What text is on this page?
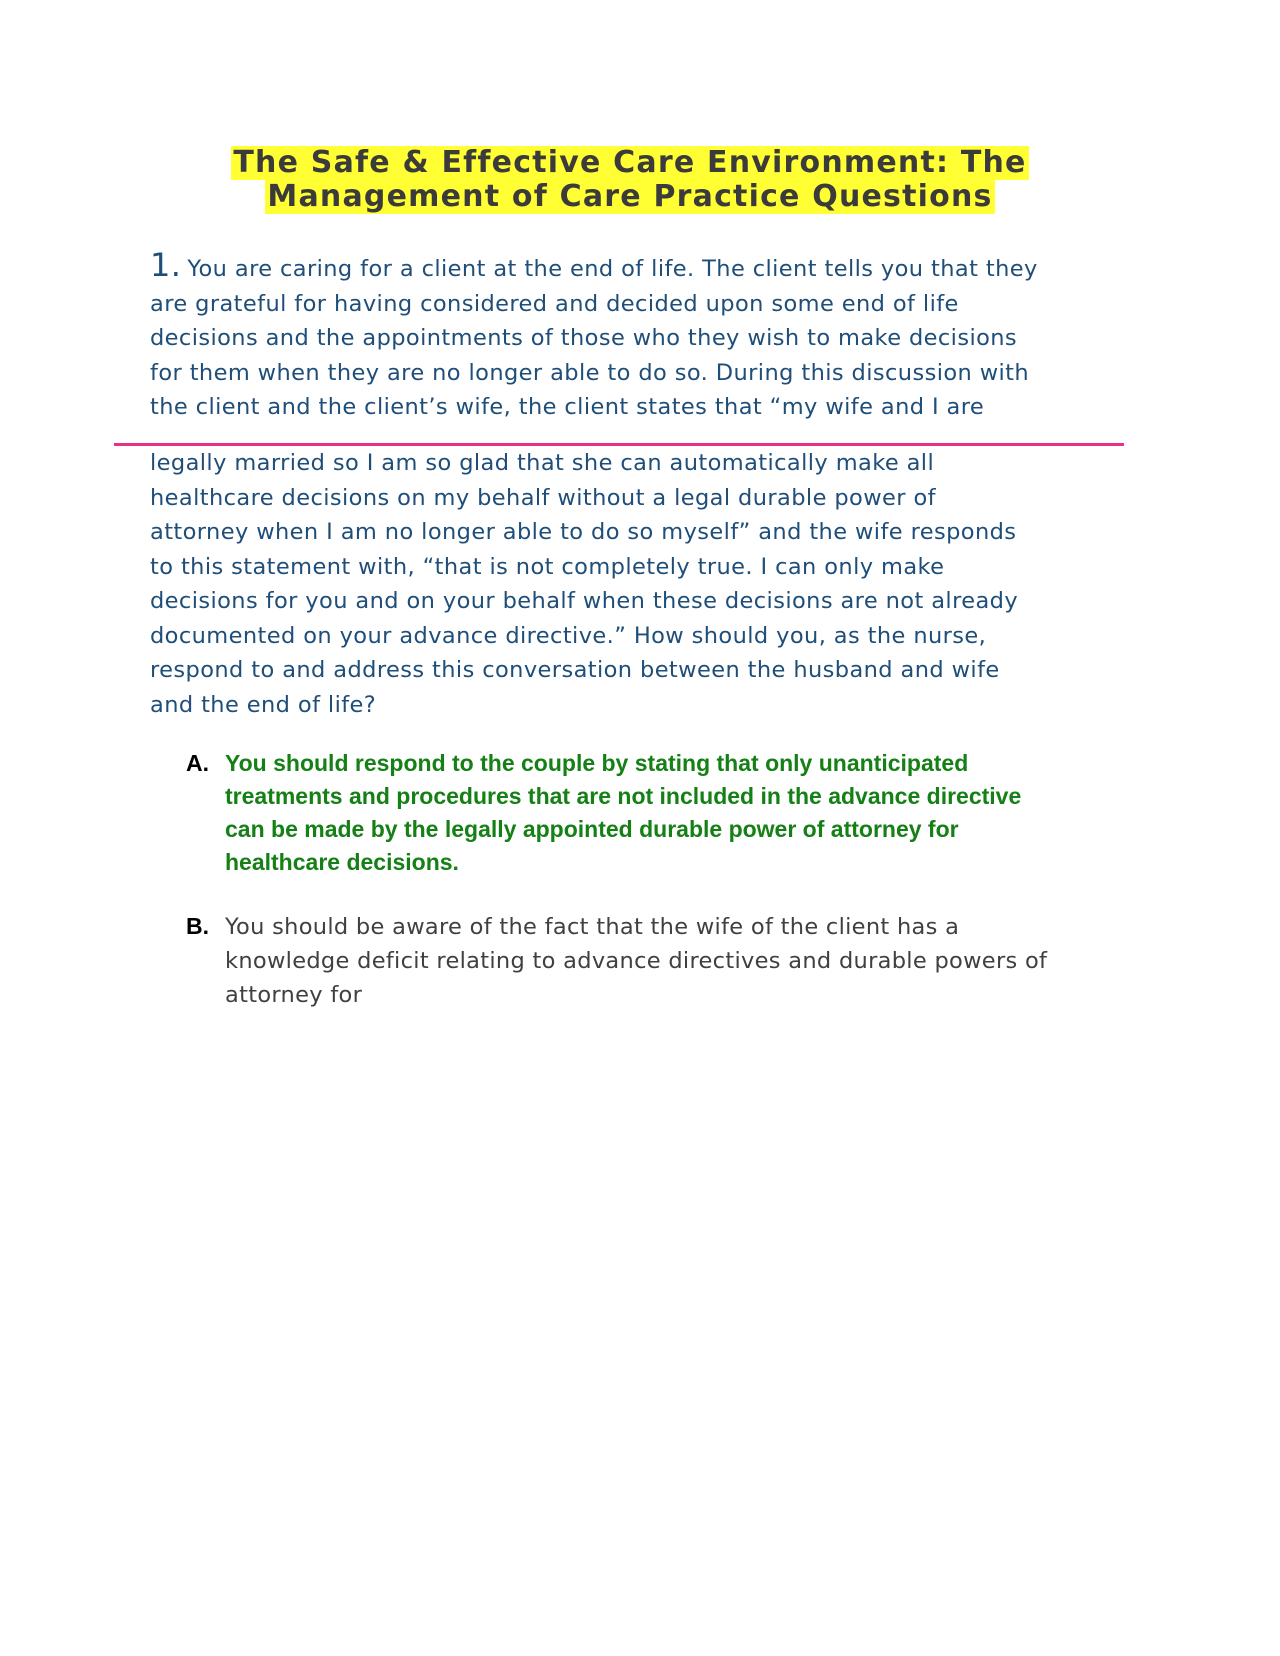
The Safe & Effective Care Environment: The
Management of Care Practice Questions
1. You are caring for a client at the end of life. The client tells you that they
are grateful for having considered and decided upon some end of life
decisions and the appointments of those who they wish to make decisions
for them when they are no longer able to do so. During this discussion with
the client and the client’s wife, the client states that “my wife and I are
legally married so I am so glad that she can automatically make all
healthcare decisions on my behalf without a legal durable power of
attorney when I am no longer able to do so myself” and the wife responds
to this statement with, “that is not completely true. I can only make
decisions for you and on your behalf when these decisions are not already
documented on your advance directive.” How should you, as the nurse,
respond to and address this conversation between the husband and wife
and the end of life?
A. You should respond to the couple by stating that only unanticipated
treatments and procedures that are not included in the advance directive
can be made by the legally appointed durable power of attorney for
healthcare decisions.
B. You should be aware of the fact that the wife of the client has a
knowledge deficit relating to advance directives and durable powers of
attorney for
